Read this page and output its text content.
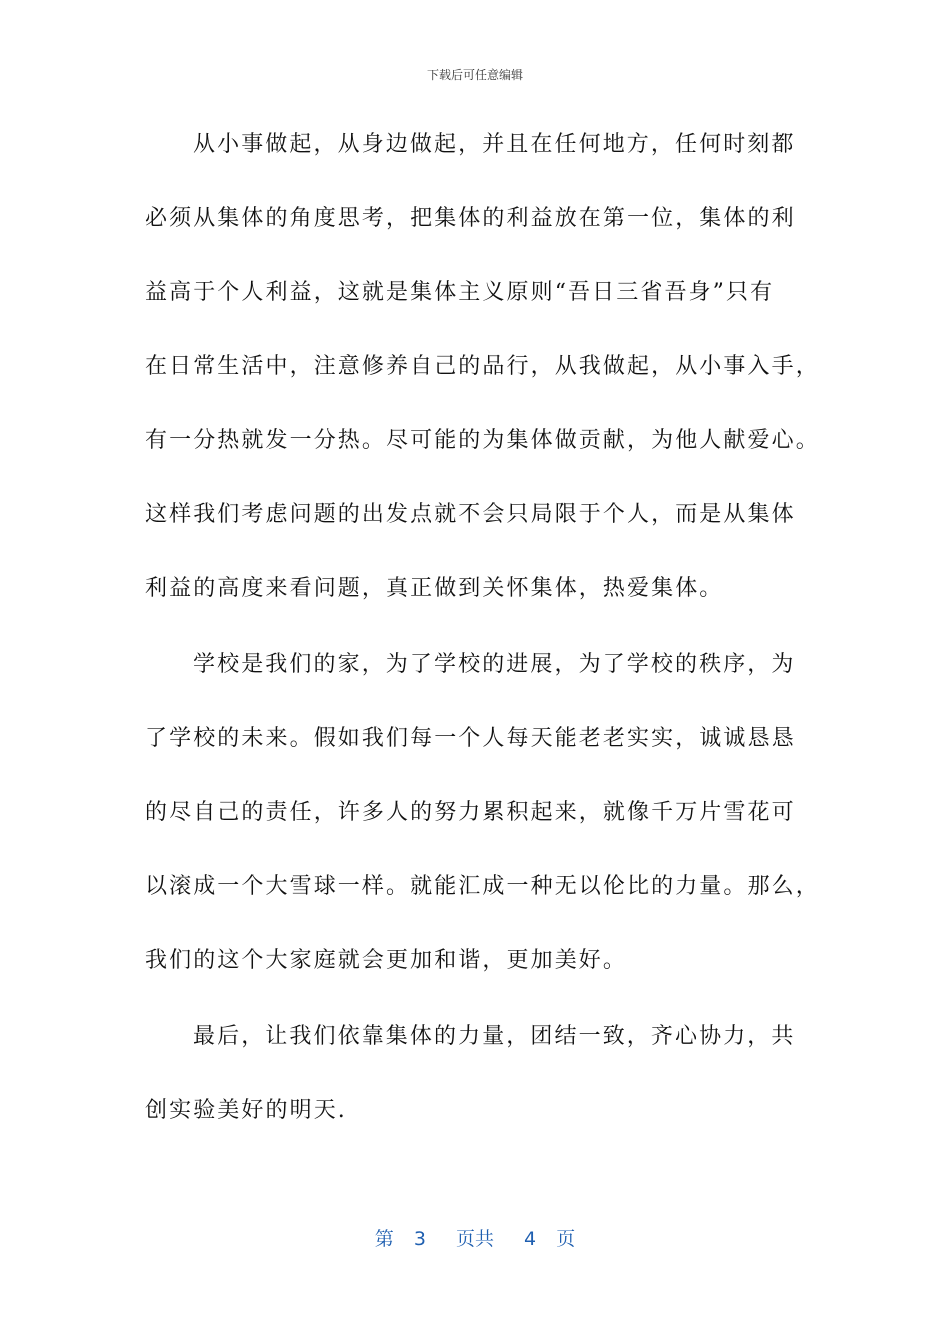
下载后可任意编辑
从小事做起，从身边做起，并且在任何地方，任何时刻都
必须从集体的角度思考，把集体的利益放在第一位，集体的利
益高于个人利益，这就是集体主义原则“吾日三省吾身”只有
在日常生活中，注意修养自己的品行，从我做起，从小事入手，
有一分热就发一分热。尽可能的为集体做贡献，为他人献爱心。
这样我们考虑问题的出发点就不会只局限于个人，而是从集体
利益的高度来看问题，真正做到关怀集体，热爱集体。
学校是我们的家，为了学校的进展，为了学校的秩序，为
了学校的未来。假如我们每一个人每天能老老实实，诚诚恳恳
的尽自己的责任，许多人的努力累积起来，就像千万片雪花可
以滚成一个大雪球一样。就能汇成一种无以伦比的力量。那么，
我们的这个大家庭就会更加和谐，更加美好。
最后，让我们依靠集体的力量，团结一致，齐心协力，共
创实验美好的明天.
第 3 页共 4 页
